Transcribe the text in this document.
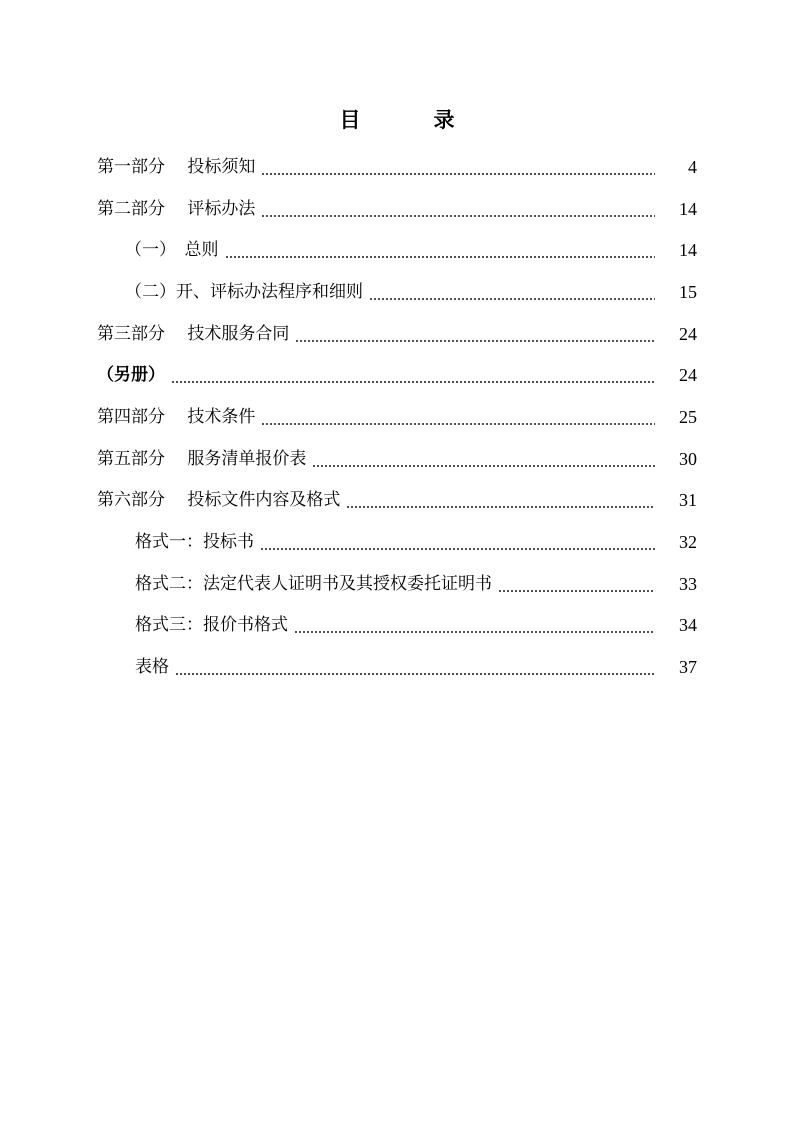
目　录
第一部分　 投标须知	4
第二部分　 评标办法	14
（一）　总则	14
（二）开、评标办法程序和细则	15
第三部分　 技术服务合同	24
（另册）	24
第四部分　 技术条件	25
第五部分　 服务清单报价表	30
第六部分　 投标文件内容及格式	31
格式一：投标书	32
格式二：法定代表人证明书及其授权委托证明书	33
格式三：报价书格式	34
表格	37
